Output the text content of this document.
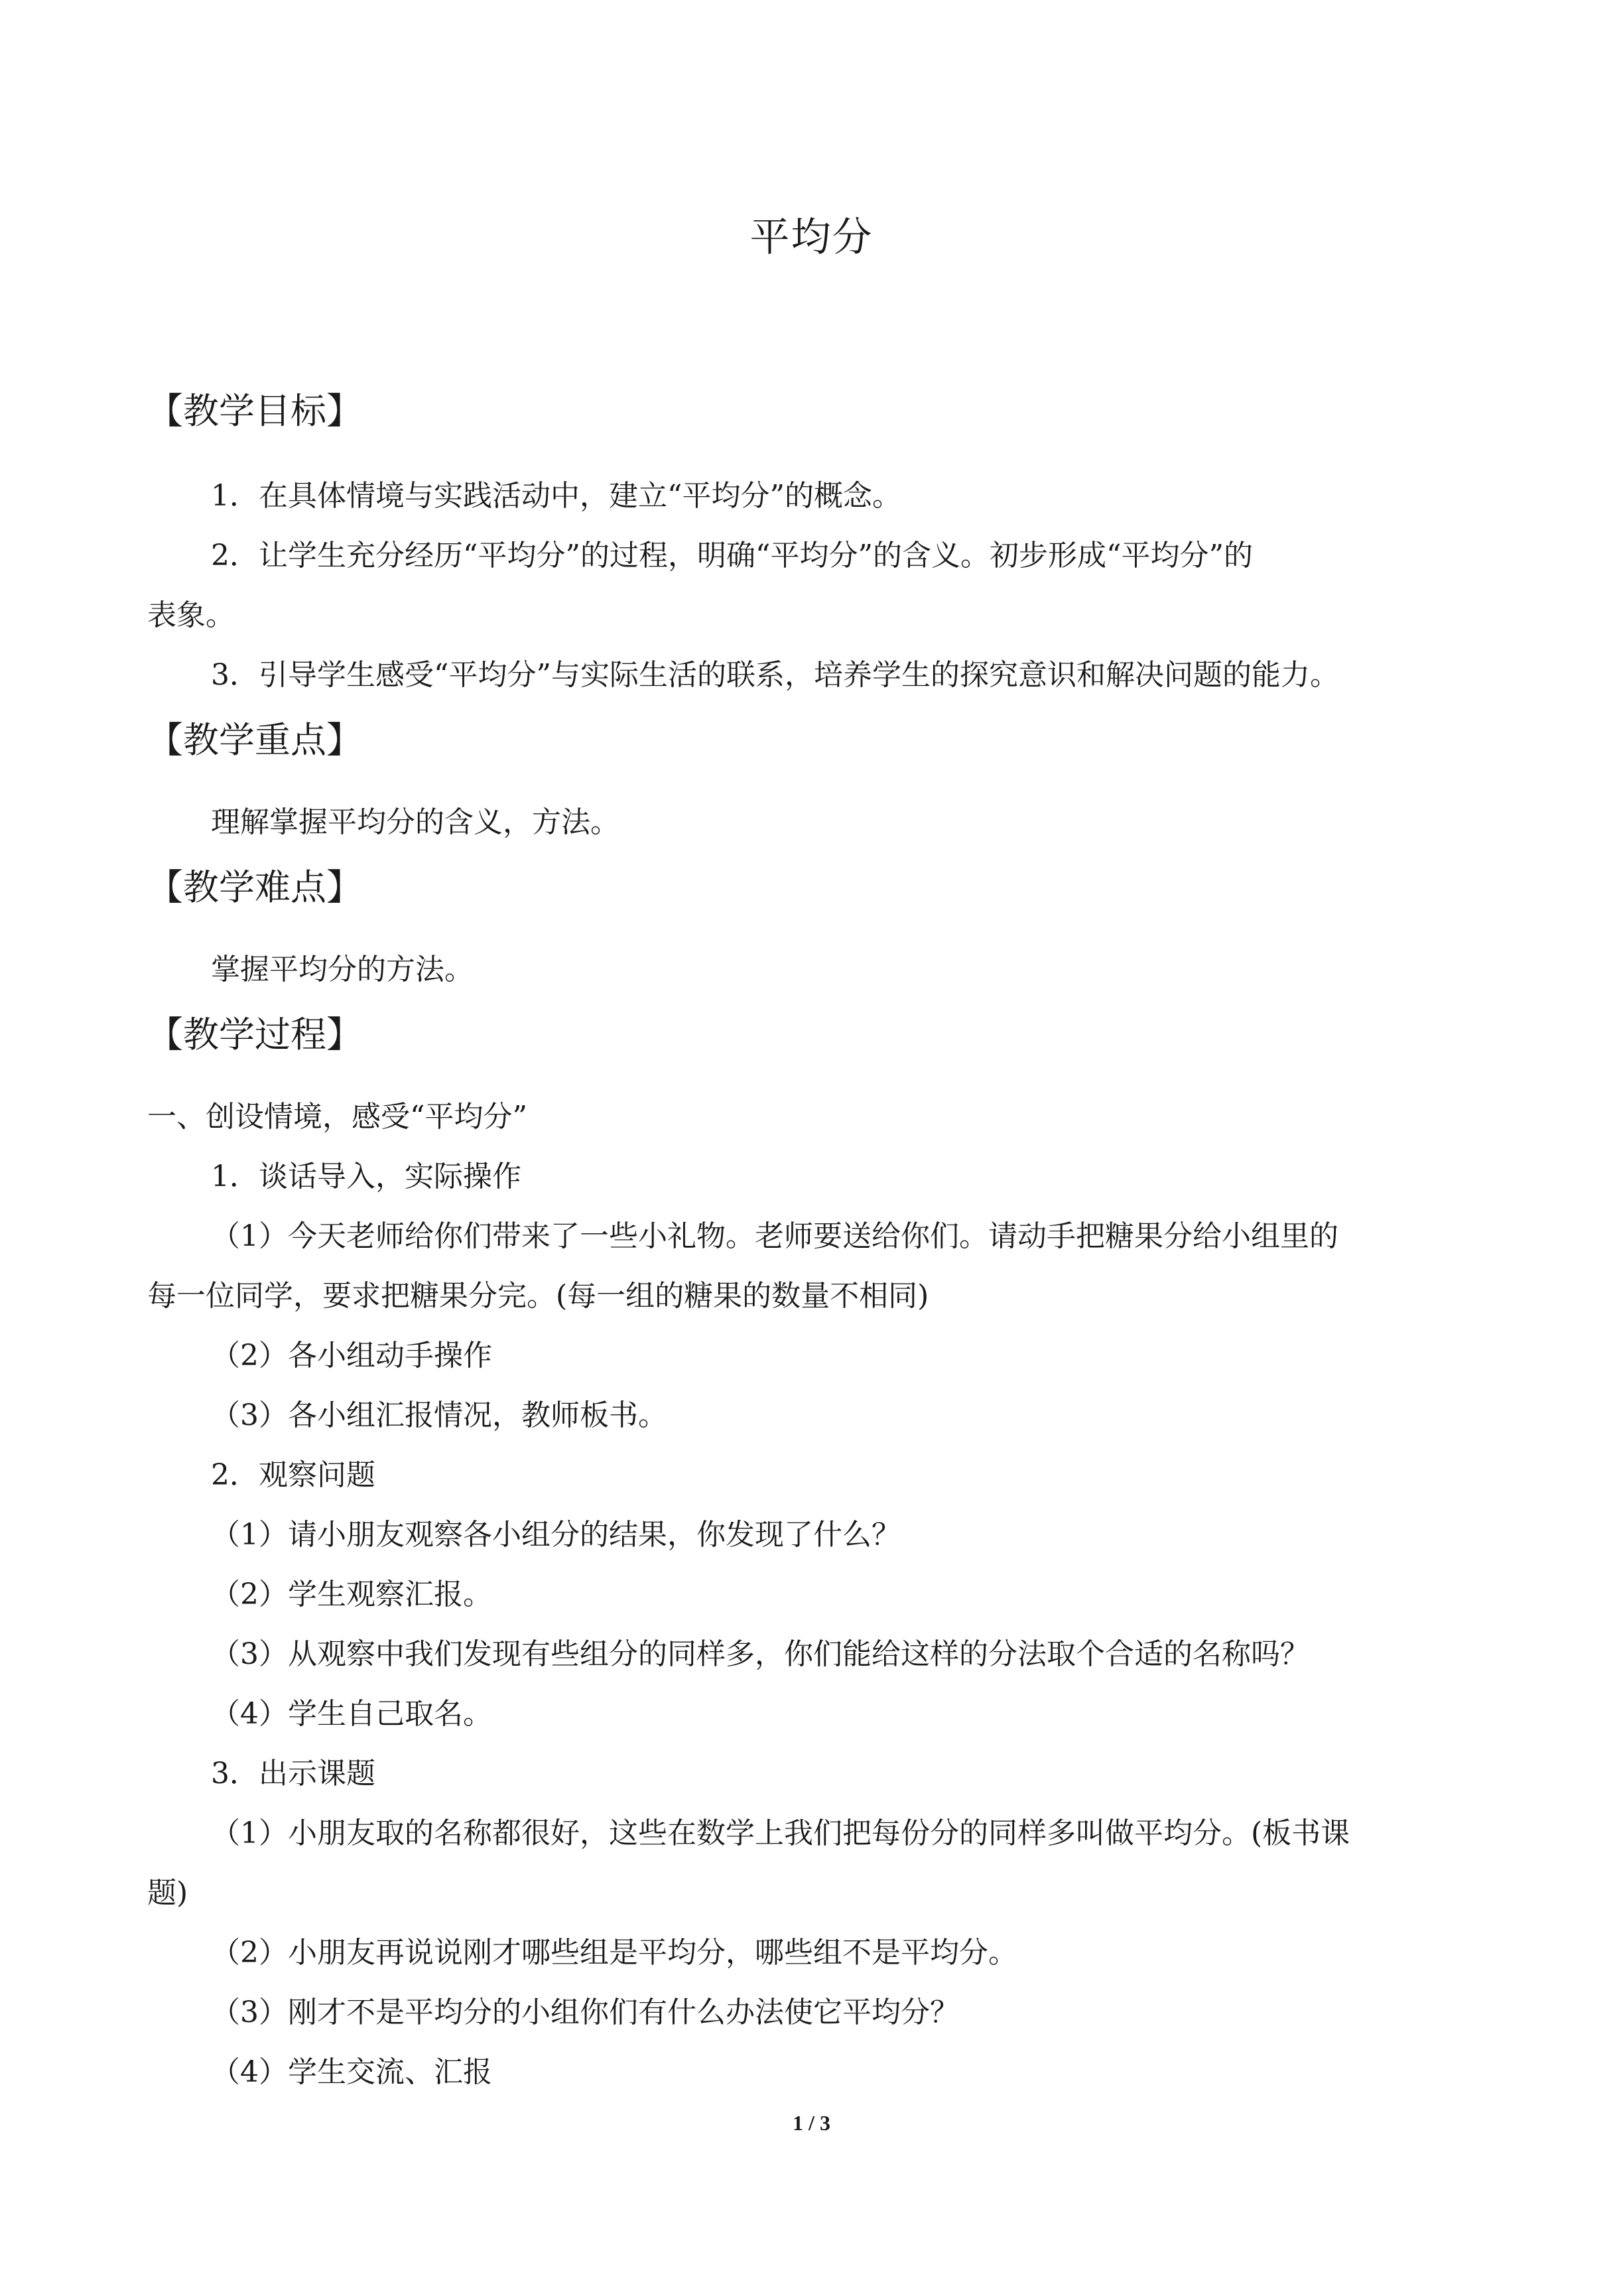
平均分
【教学目标】
1．在具体情境与实践活动中，建立“平均分”的概念。
2．让学生充分经历“平均分”的过程，明确“平均分”的含义。初步形成“平均分”的
表象。
3．引导学生感受“平均分”与实际生活的联系，培养学生的探究意识和解决问题的能力。
【教学重点】
理解掌握平均分的含义，方法。
【教学难点】
掌握平均分的方法。
【教学过程】
一、创设情境，感受“平均分”
1．谈话导入，实际操作
（1）今天老师给你们带来了一些小礼物。老师要送给你们。请动手把糖果分给小组里的
每一位同学，要求把糖果分完。(每一组的糖果的数量不相同)
（2）各小组动手操作
（3）各小组汇报情况，教师板书。
2．观察问题
（1）请小朋友观察各小组分的结果，你发现了什么？
（2）学生观察汇报。
（3）从观察中我们发现有些组分的同样多，你们能给这样的分法取个合适的名称吗？
（4）学生自己取名。
3．出示课题
（1）小朋友取的名称都很好，这些在数学上我们把每份分的同样多叫做平均分。(板书课
题)
（2）小朋友再说说刚才哪些组是平均分，哪些组不是平均分。
（3）刚才不是平均分的小组你们有什么办法使它平均分？
（4）学生交流、汇报
1 / 3
